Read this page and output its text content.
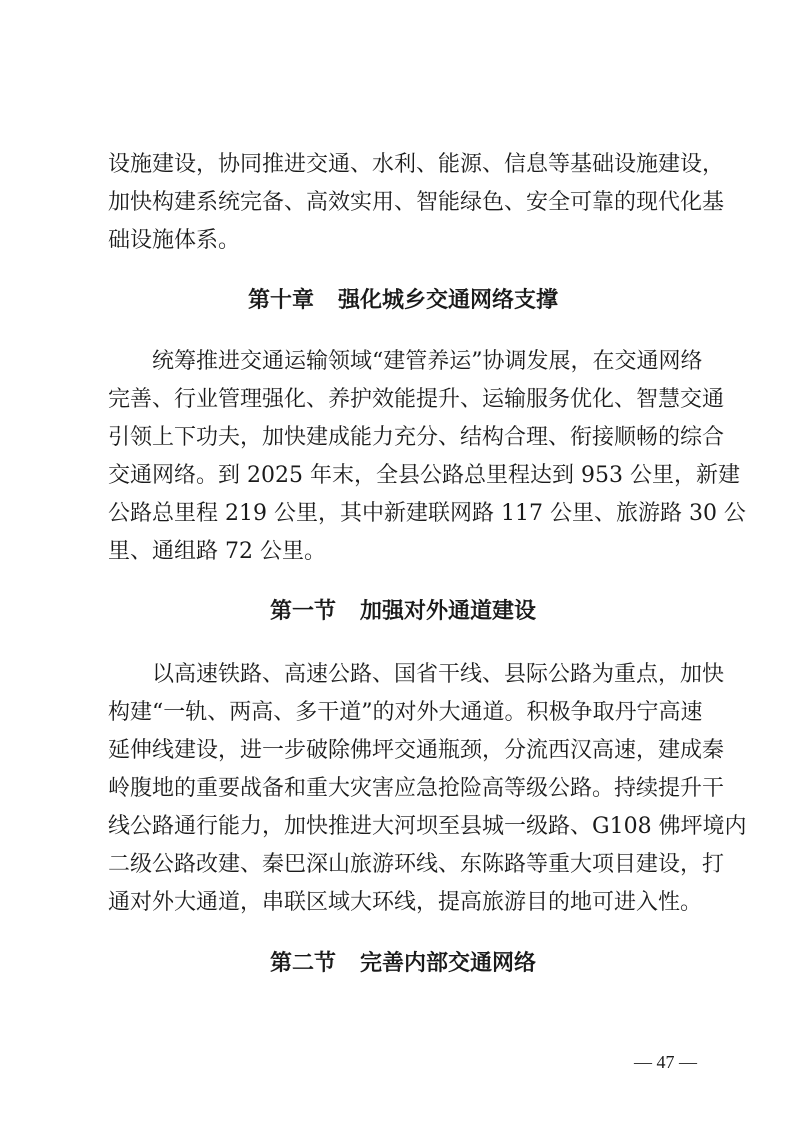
设施建设，协同推进交通、水利、能源、信息等基础设施建设，
加快构建系统完备、高效实用、智能绿色、安全可靠的现代化基
础设施体系。
第十章 强化城乡交通网络支撑
统筹推进交通运输领域“建管养运”协调发展，在交通网络
完善、行业管理强化、养护效能提升、运输服务优化、智慧交通
引领上下功夫，加快建成能力充分、结构合理、衔接顺畅的综合
交通网络。到 2025 年末，全县公路总里程达到 953 公里，新建
公路总里程 219 公里，其中新建联网路 117 公里、旅游路 30 公
里、通组路 72 公里。
第一节 加强对外通道建设
以高速铁路、高速公路、国省干线、县际公路为重点，加快
构建“一轨、两高、多干道”的对外大通道。积极争取丹宁高速
延伸线建设，进一步破除佛坪交通瓶颈，分流西汉高速，建成秦
岭腹地的重要战备和重大灾害应急抢险高等级公路。持续提升干
线公路通行能力，加快推进大河坝至县城一级路、G108 佛坪境内
二级公路改建、秦巴深山旅游环线、东陈路等重大项目建设，打
通对外大通道，串联区域大环线，提高旅游目的地可进入性。
第二节 完善内部交通网络
— 47 —
